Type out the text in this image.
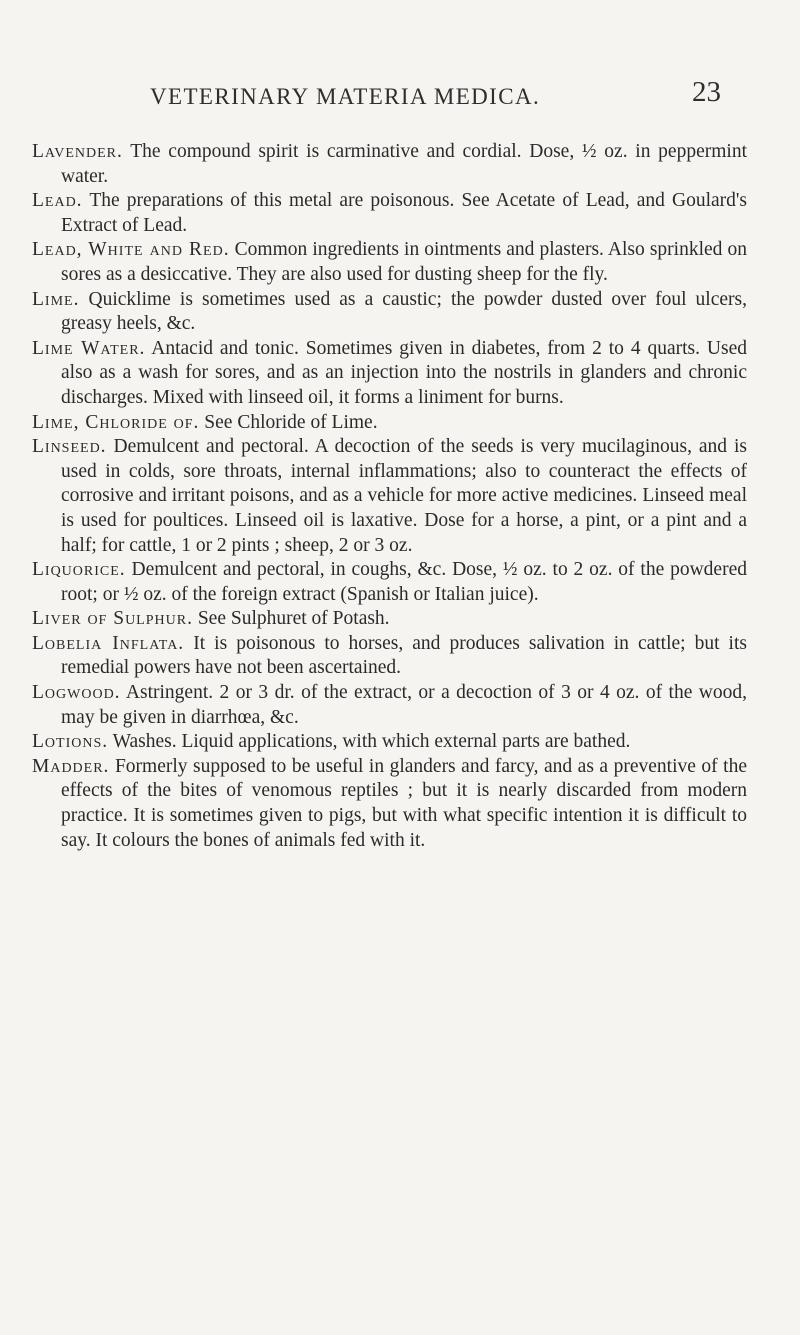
VETERINARY MATERIA MEDICA.	23

Lavender. The compound spirit is carminative and cordial. Dose, ½ oz. in peppermint water.

Lead. The preparations of this metal are poisonous. See Acetate of Lead, and Goulard's Extract of Lead.

Lead, White and Red. Common ingredients in ointments and plasters. Also sprinkled on sores as a desiccative. They are also used for dusting sheep for the fly.

Lime. Quicklime is sometimes used as a caustic; the powder dusted over foul ulcers, greasy heels, &c.

Lime Water. Antacid and tonic. Sometimes given in diabetes, from 2 to 4 quarts. Used also as a wash for sores, and as an injection into the nostrils in glanders and chronic discharges. Mixed with linseed oil, it forms a liniment for burns.

Lime, Chloride of. See Chloride of Lime.

Linseed. Demulcent and pectoral. A decoction of the seeds is very mucilaginous, and is used in colds, sore throats, internal inflammations; also to counteract the effects of corrosive and irritant poisons, and as a vehicle for more active medicines. Linseed meal is used for poultices. Linseed oil is laxative. Dose for a horse, a pint, or a pint and a half; for cattle, 1 or 2 pints ; sheep, 2 or 3 oz.

Liquorice. Demulcent and pectoral, in coughs, &c. Dose, ½ oz. to 2 oz. of the powdered root; or ½ oz. of the foreign extract (Spanish or Italian juice).

Liver of Sulphur. See Sulphuret of Potash.

Lobelia Inflata. It is poisonous to horses, and produces salivation in cattle; but its remedial powers have not been ascertained.

Logwood. Astringent. 2 or 3 dr. of the extract, or a decoction of 3 or 4 oz. of the wood, may be given in diarrhœa, &c.

Lotions. Washes. Liquid applications, with which external parts are bathed.

Madder. Formerly supposed to be useful in glanders and farcy, and as a preventive of the effects of the bites of venomous reptiles ; but it is nearly discarded from modern practice. It is sometimes given to pigs, but with what specific intention it is difficult to say. It colours the bones of animals fed with it.
